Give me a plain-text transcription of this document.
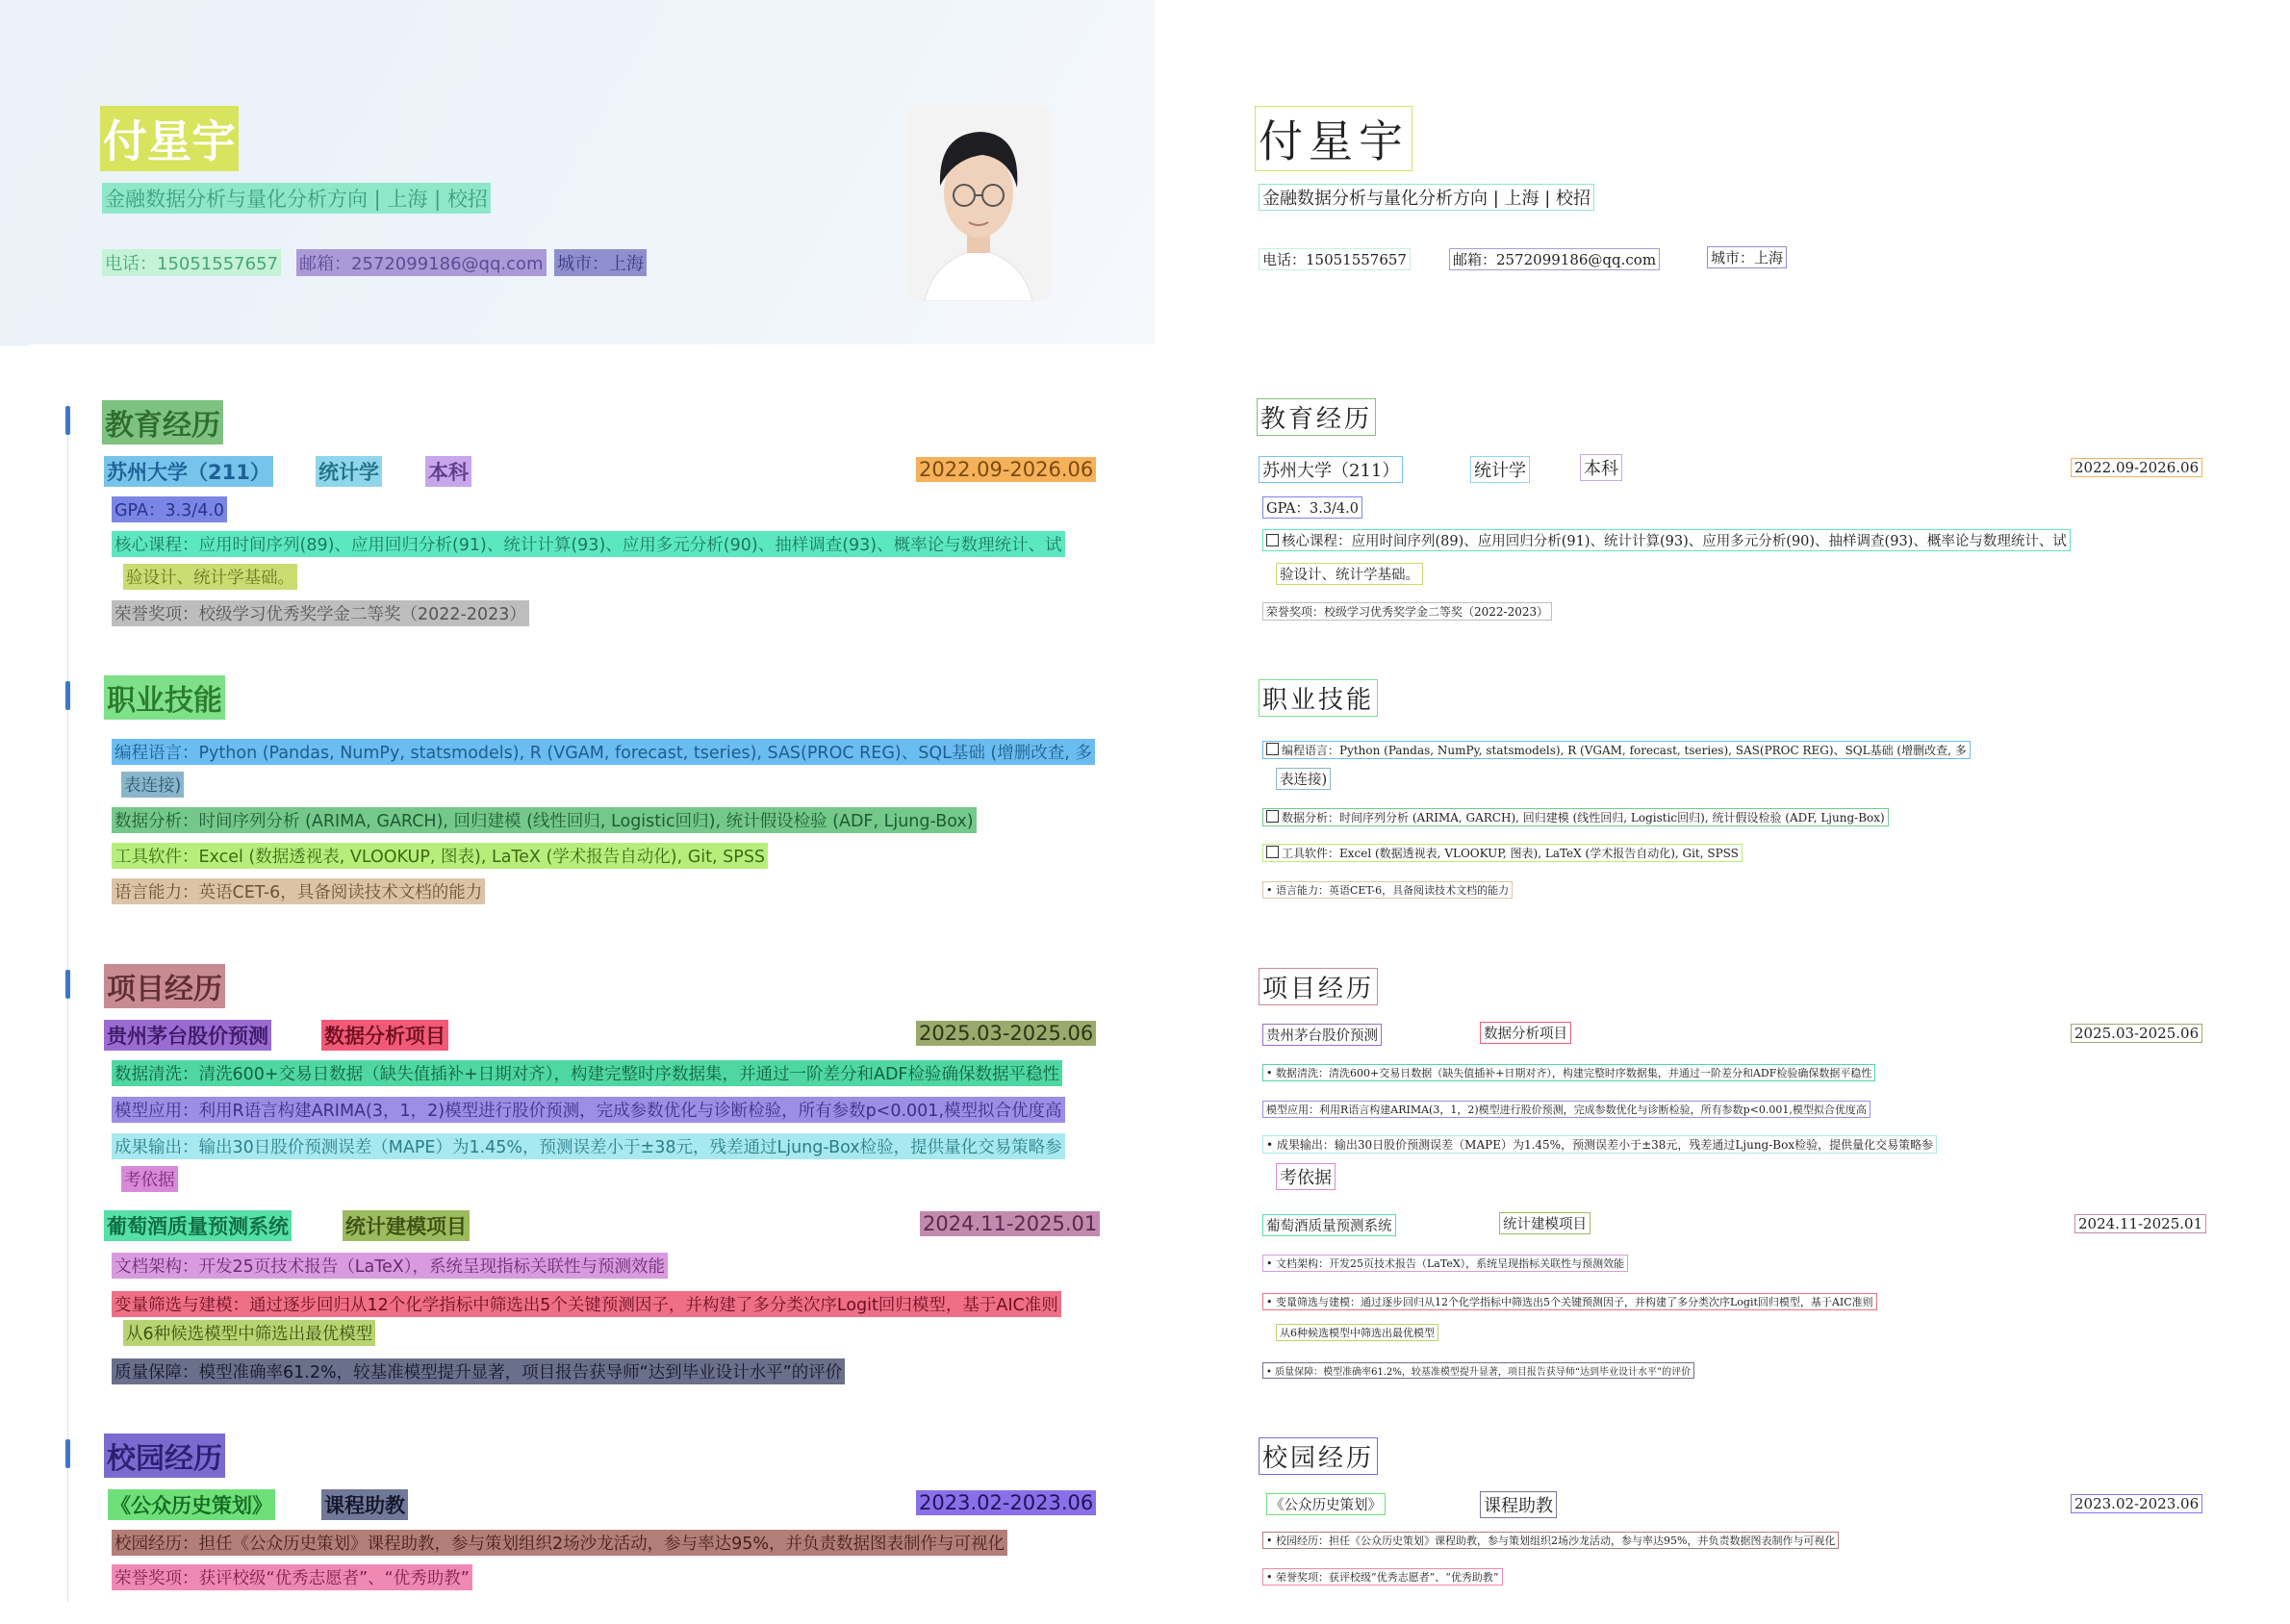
付星宇
金融数据分析与量化分析方向 | 上海 | 校招
电话：15051557657 邮箱：2572099186@qq.com 城市：上海
教育经历
苏州大学（211） 统计学 本科	2022.09-2026.06
GPA：3.3/4.0
核心课程：应用时间序列(89)、应用回归分析(91)、统计计算(93)、应用多元分析(90)、抽样调查(93)、概率论与数理统计、试
验设计、统计学基础。
荣誉奖项：校级学习优秀奖学金二等奖（2022-2023）
职业技能
编程语言：Python (Pandas, NumPy, statsmodels), R (VGAM, forecast, tseries), SAS(PROC REG)、SQL基础 (增删改查, 多
表连接)
数据分析：时间序列分析 (ARIMA, GARCH), 回归建模 (线性回归, Logistic回归), 统计假设检验 (ADF, Ljung-Box)
工具软件：Excel (数据透视表, VLOOKUP, 图表), LaTeX (学术报告自动化), Git, SPSS
语言能力：英语CET-6，具备阅读技术文档的能力
项目经历
贵州茅台股价预测	数据分析项目	2025.03-2025.06
数据清洗：清洗600+交易日数据（缺失值插补+日期对齐），构建完整时序数据集，并通过一阶差分和ADF检验确保数据平稳性
模型应用：利用R语言构建ARIMA(3，1，2)模型进行股价预测，完成参数优化与诊断检验，所有参数p<0.001,模型拟合优度高
成果输出：输出30日股价预测误差（MAPE）为1.45%，预测误差小于±38元，残差通过Ljung-Box检验，提供量化交易策略参
考依据
葡萄酒质量预测系统	统计建模项目	2024.11-2025.01
文档架构：开发25页技术报告（LaTeX），系统呈现指标关联性与预测效能
变量筛选与建模：通过逐步回归从12个化学指标中筛选出5个关键预测因子，并构建了多分类次序Logit回归模型，基于AIC准则
从6种候选模型中筛选出最优模型
质量保障：模型准确率61.2%，较基准模型提升显著，项目报告获导师“达到毕业设计水平”的评价
校园经历
《公众历史策划》	课程助教	2023.02-2023.06
校园经历：担任《公众历史策划》课程助教，参与策划组织2场沙龙活动，参与率达95%，并负责数据图表制作与可视化
荣誉奖项：获评校级“优秀志愿者”、“优秀助教”
付星宇
金融数据分析与量化分析方向 | 上海 | 校招
电话：15051557657	邮箱：2572099186@qq.com	城市：上海
教育经历
苏州大学（211）	统计学	本科	2022.09-2026.06
GPA：3.3/4.0
核心课程：应用时间序列(89)、应用回归分析(91)、统计计算(93)、应用多元分析(90)、抽样调查(93)、概率论与数理统计、试
验设计、统计学基础。
荣誉奖项：校级学习优秀奖学金二等奖（2022-2023）
职业技能
编程语言：Python (Pandas, NumPy, statsmodels), R (VGAM, forecast, tseries), SAS(PROC REG)、SQL基础 (增删改查, 多
表连接)
数据分析：时间序列分析 (ARIMA, GARCH), 回归建模 (线性回归, Logistic回归), 统计假设检验 (ADF, Ljung-Box)
工具软件：Excel (数据透视表, VLOOKUP, 图表), LaTeX (学术报告自动化), Git, SPSS
• 语言能力：英语CET-6，具备阅读技术文档的能力
项目经历
贵州茅台股价预测	数据分析项目	2025.03-2025.06
• 数据清洗：清洗600+交易日数据（缺失值插补+日期对齐），构建完整时序数据集，并通过一阶差分和ADF检验确保数据平稳性
模型应用：利用R语言构建ARIMA(3，1，2)模型进行股价预测，完成参数优化与诊断检验，所有参数p<0.001,模型拟合优度高
• 成果输出：输出30日股价预测误差（MAPE）为1.45%，预测误差小于±38元，残差通过Ljung-Box检验，提供量化交易策略参
考依据
葡萄酒质量预测系统	统计建模项目	2024.11-2025.01
• 文档架构：开发25页技术报告（LaTeX），系统呈现指标关联性与预测效能
• 变量筛选与建模：通过逐步回归从12个化学指标中筛选出5个关键预测因子，并构建了多分类次序Logit回归模型，基于AIC准则
从6种候选模型中筛选出最优模型
• 质量保障：模型准确率61.2%，较基准模型提升显著，项目报告获导师“达到毕业设计水平”的评价
校园经历
《公众历史策划》	课程助教	2023.02-2023.06
• 校园经历：担任《公众历史策划》课程助教，参与策划组织2场沙龙活动，参与率达95%，并负责数据图表制作与可视化
• 荣誉奖项：获评校级“优秀志愿者”、“优秀助教”
